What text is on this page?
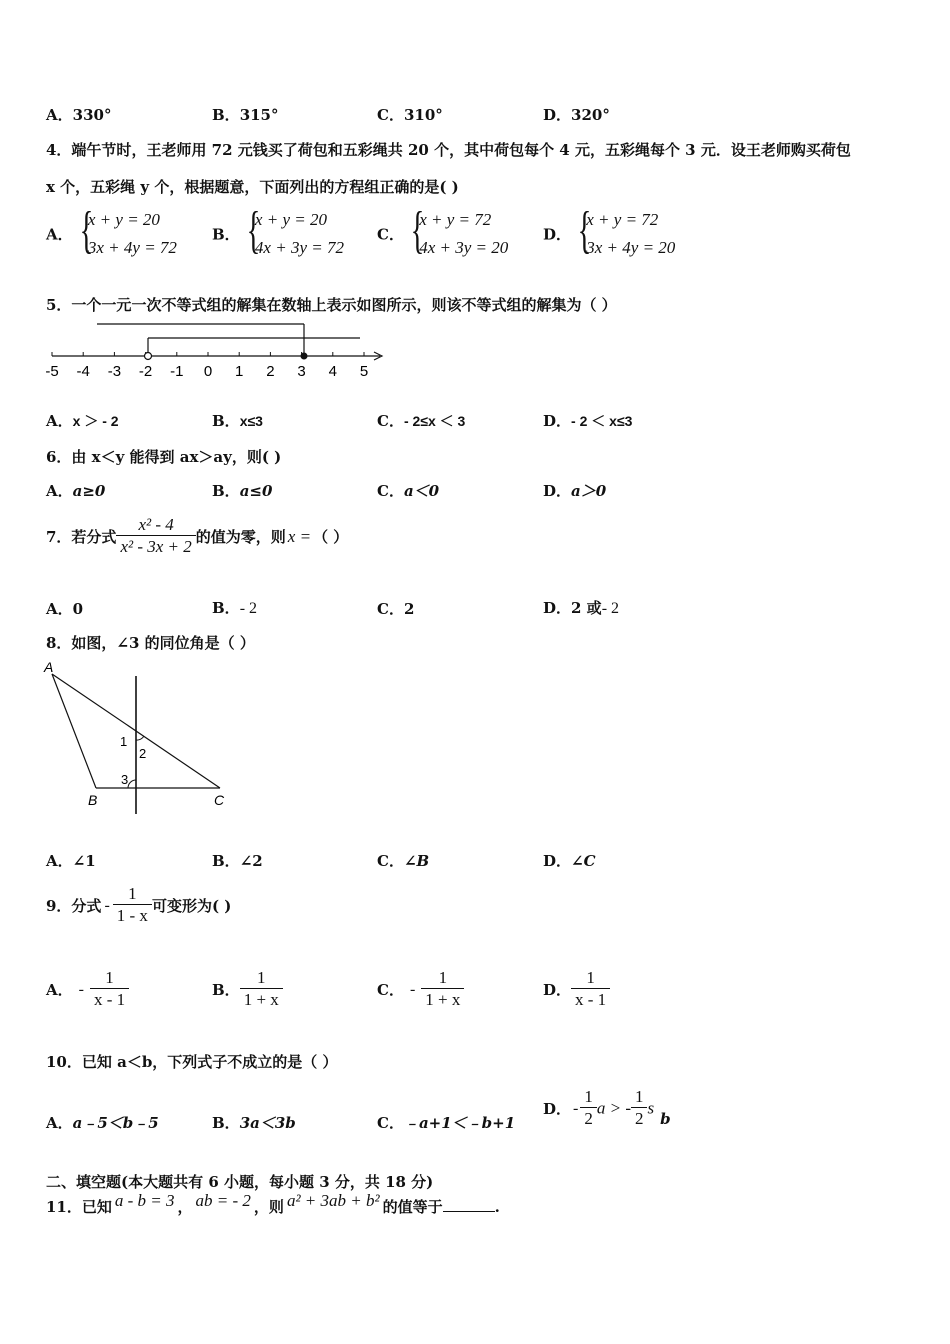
A．330°	B．315°	C．310°	D．320°
4．端午节时，王老师用 72 元钱买了荷包和五彩绳共 20 个，其中荷包每个 4 元，五彩绳每个 3 元．设王老师购买荷包
x 个，五彩绳 y 个，根据题意，下面列出的方程组正确的是( )
A．
{ x + y = 20
3x + 4y = 72
B．
{ x + y = 20
4x + 3y = 72
C．
{ x + y = 72
4x + 3y = 20
D．
{ x + y = 72
3x + 4y = 20
5．一个一元一次不等式组的解集在数轴上表示如图所示，则该不等式组的解集为（ ）
-5 -4 -3 -2 -1 0 1 2 3 4 5
A．x ＞ - 2	B．x≤3	C．- 2≤x ＜ 3	D．- 2 ＜ x≤3
6．由 x＜y 能得到 ax＞ay，则( )
A．a≥0	B．a≤0	C．a＜0	D．a＞0
7．若分式 $\frac{\text{x² - 4}}{\text{x² - 3x + 2}}$ 的值为零，则 x = （ ）
A．0	B．- 2	C．2	D．2 或- 2
8．如图，∠3 的同位角是（ ）
A
B	C
1
2
3
A．∠1	B．∠2	C．∠B	D．∠C
9．分式 - $\frac{1}{1 - x}$ 可变形为( )
A． - $\frac{1}{x - 1}$	B． $\frac{1}{1 + x}$	C． - $\frac{1}{1 + x}$	D． $\frac{1}{x - 1}$
10．已知 a＜b，下列式子不成立的是（ ）
A．a﹣5＜b﹣5	B．3a＜3b	C．﹣a+1＜﹣b+1
D． - $\frac{1}{2}$ a > - $\frac{1}{2}$ sb
二、填空题(本大题共有 6 小题，每小题 3 分，共 18 分)
11．已知 a - b = 3 ， ab = - 2 ，则 a² + 3ab + b² 的值等于	.
